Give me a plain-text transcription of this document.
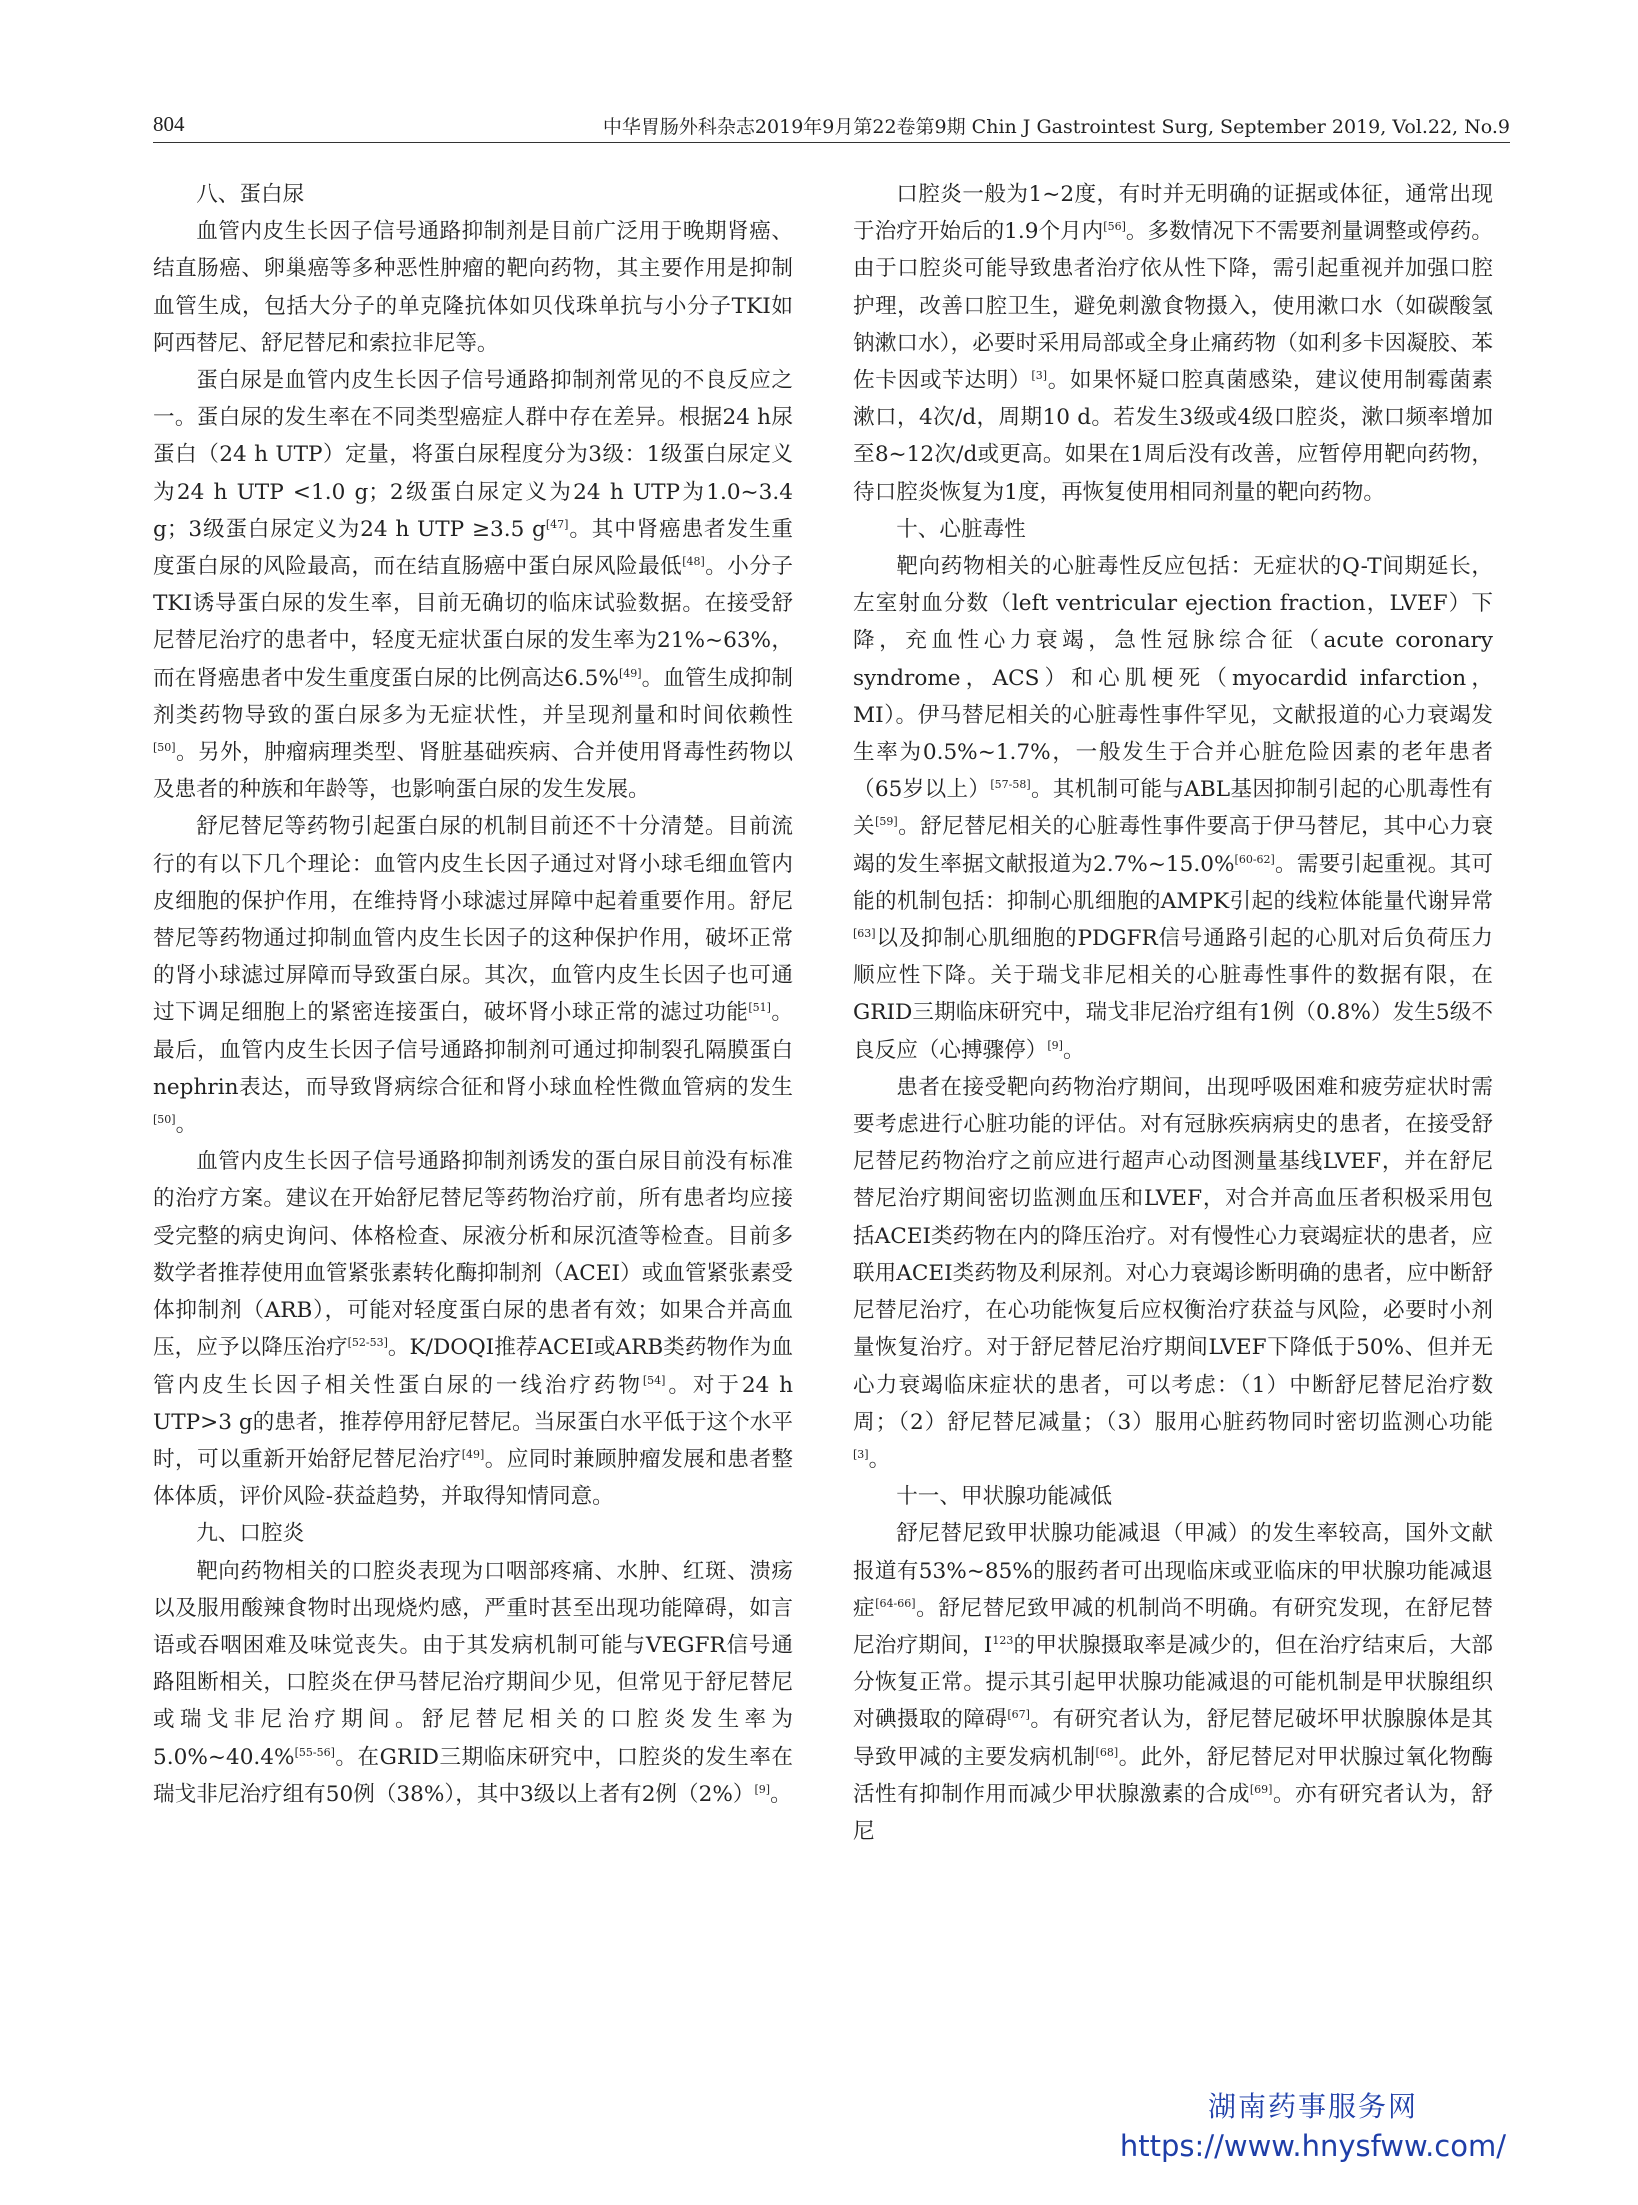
804	中华胃肠外科杂志2019年9月第22卷第9期 Chin J Gastrointest Surg, September 2019, Vol.22, No.9
八、蛋白尿

血管内皮生长因子信号通路抑制剂是目前广泛用于晚期肾癌、结直肠癌、卵巢癌等多种恶性肿瘤的靶向药物，其主要作用是抑制血管生成，包括大分子的单克隆抗体如贝伐珠单抗与小分子TKI如阿西替尼、舒尼替尼和索拉非尼等。

蛋白尿是血管内皮生长因子信号通路抑制剂常见的不良反应之一。蛋白尿的发生率在不同类型癌症人群中存在差异。根据24 h尿蛋白（24 h UTP）定量，将蛋白尿程度分为3级：1级蛋白尿定义为24 h UTP <1.0 g；2级蛋白尿定义为24 h UTP为1.0~3.4 g；3级蛋白尿定义为24 h UTP ≥3.5 g[47]。其中肾癌患者发生重度蛋白尿的风险最高，而在结直肠癌中蛋白尿风险最低[48]。小分子TKI诱导蛋白尿的发生率，目前无确切的临床试验数据。在接受舒尼替尼治疗的患者中，轻度无症状蛋白尿的发生率为21%~63%，而在肾癌患者中发生重度蛋白尿的比例高达6.5%[49]。血管生成抑制剂类药物导致的蛋白尿多为无症状性，并呈现剂量和时间依赖性[50]。另外，肿瘤病理类型、肾脏基础疾病、合并使用肾毒性药物以及患者的种族和年龄等，也影响蛋白尿的发生发展。

舒尼替尼等药物引起蛋白尿的机制目前还不十分清楚。目前流行的有以下几个理论：血管内皮生长因子通过对肾小球毛细血管内皮细胞的保护作用，在维持肾小球滤过屏障中起着重要作用。舒尼替尼等药物通过抑制血管内皮生长因子的这种保护作用，破坏正常的肾小球滤过屏障而导致蛋白尿。其次，血管内皮生长因子也可通过下调足细胞上的紧密连接蛋白，破坏肾小球正常的滤过功能[51]。最后，血管内皮生长因子信号通路抑制剂可通过抑制裂孔隔膜蛋白nephrin表达，而导致肾病综合征和肾小球血栓性微血管病的发生[50]。

血管内皮生长因子信号通路抑制剂诱发的蛋白尿目前没有标准的治疗方案。建议在开始舒尼替尼等药物治疗前，所有患者均应接受完整的病史询问、体格检查、尿液分析和尿沉渣等检查。目前多数学者推荐使用血管紧张素转化酶抑制剂（ACEI）或血管紧张素受体抑制剂（ARB），可能对轻度蛋白尿的患者有效；如果合并高血压，应予以降压治疗[52-53]。K/DOQI推荐ACEI或ARB类药物作为血管内皮生长因子相关性蛋白尿的一线治疗药物[54]。对于24 h UTP>3 g的患者，推荐停用舒尼替尼。当尿蛋白水平低于这个水平时，可以重新开始舒尼替尼治疗[49]。应同时兼顾肿瘤发展和患者整体体质，评价风险-获益趋势，并取得知情同意。

九、口腔炎

靶向药物相关的口腔炎表现为口咽部疼痛、水肿、红斑、溃疡以及服用酸辣食物时出现烧灼感，严重时甚至出现功能障碍，如言语或吞咽困难及味觉丧失。由于其发病机制可能与VEGFR信号通路阻断相关，口腔炎在伊马替尼治疗期间少见，但常见于舒尼替尼或瑞戈非尼治疗期间。舒尼替尼相关的口腔炎发生率为5.0%~40.4%[55-56]。在GRID三期临床研究中，口腔炎的发生率在瑞戈非尼治疗组有50例（38%），其中3级以上者有2例（2%）[9]。

口腔炎一般为1~2度，有时并无明确的证据或体征，通常出现于治疗开始后的1.9个月内[56]。多数情况下不需要剂量调整或停药。由于口腔炎可能导致患者治疗依从性下降，需引起重视并加强口腔护理，改善口腔卫生，避免刺激食物摄入，使用漱口水（如碳酸氢钠漱口水），必要时采用局部或全身止痛药物（如利多卡因凝胶、苯佐卡因或苄达明）[3]。如果怀疑口腔真菌感染，建议使用制霉菌素漱口，4次/d，周期10 d。若发生3级或4级口腔炎，漱口频率增加至8~12次/d或更高。如果在1周后没有改善，应暂停用靶向药物，待口腔炎恢复为1度，再恢复使用相同剂量的靶向药物。

十、心脏毒性

靶向药物相关的心脏毒性反应包括：无症状的Q-T间期延长，左室射血分数（left ventricular ejection fraction，LVEF）下降，充血性心力衰竭，急性冠脉综合征（acute coronary syndrome，ACS）和心肌梗死（myocardid infarction，MI）。伊马替尼相关的心脏毒性事件罕见，文献报道的心力衰竭发生率为0.5%~1.7%，一般发生于合并心脏危险因素的老年患者（65岁以上）[57-58]。其机制可能与ABL基因抑制引起的心肌毒性有关[59]。舒尼替尼相关的心脏毒性事件要高于伊马替尼，其中心力衰竭的发生率据文献报道为2.7%~15.0%[60-62]。需要引起重视。其可能的机制包括：抑制心肌细胞的AMPK引起的线粒体能量代谢异常[63]以及抑制心肌细胞的PDGFR信号通路引起的心肌对后负荷压力顺应性下降。关于瑞戈非尼相关的心脏毒性事件的数据有限，在GRID三期临床研究中，瑞戈非尼治疗组有1例（0.8%）发生5级不良反应（心搏骤停）[9]。

患者在接受靶向药物治疗期间，出现呼吸困难和疲劳症状时需要考虑进行心脏功能的评估。对有冠脉疾病病史的患者，在接受舒尼替尼药物治疗之前应进行超声心动图测量基线LVEF，并在舒尼替尼治疗期间密切监测血压和LVEF，对合并高血压者积极采用包括ACEI类药物在内的降压治疗。对有慢性心力衰竭症状的患者，应联用ACEI类药物及利尿剂。对心力衰竭诊断明确的患者，应中断舒尼替尼治疗，在心功能恢复后应权衡治疗获益与风险，必要时小剂量恢复治疗。对于舒尼替尼治疗期间LVEF下降低于50%、但并无心力衰竭临床症状的患者，可以考虑：（1）中断舒尼替尼治疗数周；（2）舒尼替尼减量；（3）服用心脏药物同时密切监测心功能[3]。

十一、甲状腺功能减低

舒尼替尼致甲状腺功能减退（甲减）的发生率较高，国外文献报道有53%~85%的服药者可出现临床或亚临床的甲状腺功能减退症[64-66]。舒尼替尼致甲减的机制尚不明确。有研究发现，在舒尼替尼治疗期间，$I^{123}$的甲状腺摄取率是减少的，但在治疗结束后，大部分恢复正常。提示其引起甲状腺功能减退的可能机制是甲状腺组织对碘摄取的障碍[67]。有研究者认为，舒尼替尼破坏甲状腺腺体是其导致甲减的主要发病机制[68]。此外，舒尼替尼对甲状腺过氧化物酶活性有抑制作用而减少甲状腺激素的合成[69]。亦有研究者认为，舒尼

湖南药事服务网
https://www.hnysfww.com/
